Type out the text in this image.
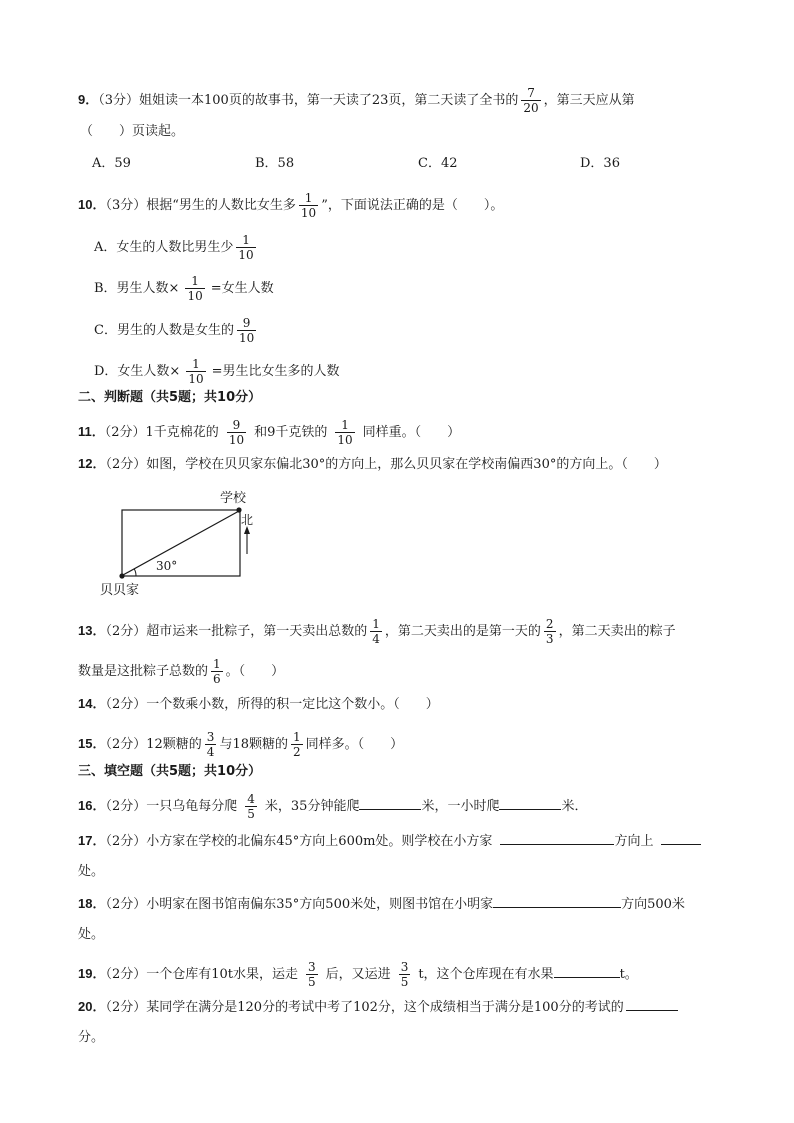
9．（3分）姐姐读一本100页的故事书，第一天读了23页，第二天读了全书的 $\frac{7}{20}$ ，第三天应从第
（　　）页读起。
A．59	B．58	C．42	D．36
10．（3分）根据“男生的人数比女生多 $\frac{1}{10}$ ”，下面说法正确的是（　　）。
A．女生的人数比男生少 $\frac{1}{10}$
B．男生人数× $\frac{1}{10}$ =女生人数
C．男生的人数是女生的 $\frac{9}{10}$
D．女生人数× $\frac{1}{10}$ =男生比女生多的人数
二、判断题（共5题；共10分）
11．（2分）1千克棉花的 $\frac{9}{10}$ 和9千克铁的 $\frac{1}{10}$ 同样重。（　　）
12．（2分）如图，学校在贝贝家东偏北30°的方向上，那么贝贝家在学校南偏西30°的方向上。（　　）
学校
北
30°
贝贝家
13．（2分）超市运来一批粽子，第一天卖出总数的 $\frac{1}{4}$ ，第二天卖出的是第一天的 $\frac{2}{3}$ ，第二天卖出的粽子
数量是这批粽子总数的 $\frac{1}{6}$ 。（　　）
14．（2分）一个数乘小数，所得的积一定比这个数小。（　　）
15．（2分）12颗糖的 $\frac{3}{4}$ 与18颗糖的 $\frac{1}{2}$ 同样多。（　　）
三、填空题（共5题；共10分）
16．（2分）一只乌龟每分爬 $\frac{4}{5}$ 米，35分钟能爬	米，一小时爬	米．
17．（2分）小方家在学校的北偏东45°方向上600m处。则学校在小方家	方向上
处。
18．（2分）小明家在图书馆南偏东35°方向500米处，则图书馆在小明家	方向500米
处。
19．（2分）一个仓库有10t水果，运走 $\frac{3}{5}$ 后，又运进 $\frac{3}{5}$ t，这个仓库现在有水果	t。
20．（2分）某同学在满分是120分的考试中考了102分，这个成绩相当于满分是100分的考试的
分。
